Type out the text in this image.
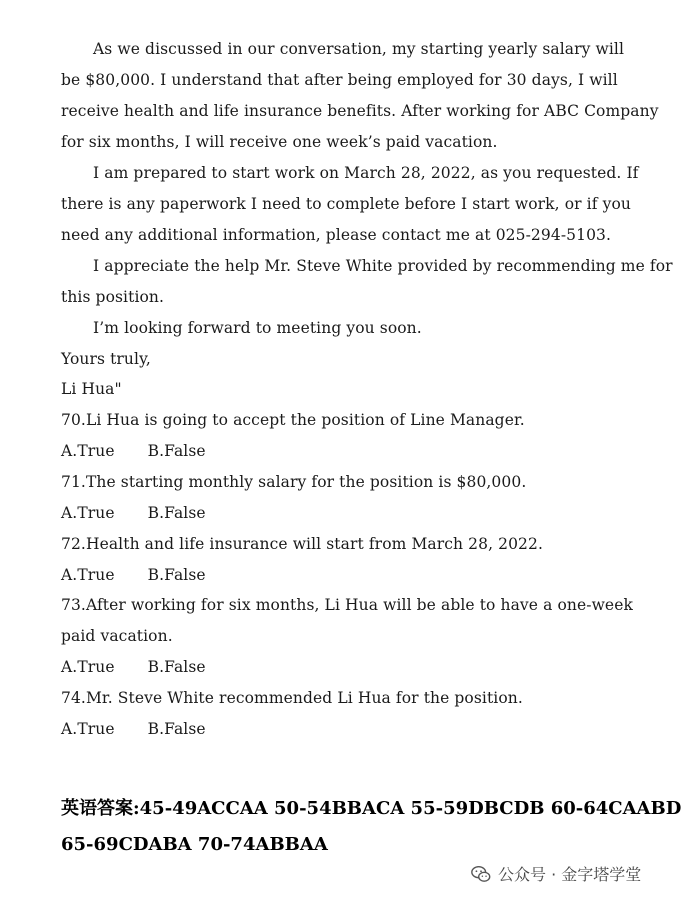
As we discussed in our conversation, my starting yearly salary will
be $80,000. I understand that after being employed for 30 days, I will
receive health and life insurance benefits. After working for ABC Company
for six months, I will receive one week’s paid vacation.
I am prepared to start work on March 28, 2022, as you requested. If
there is any paperwork I need to complete before I start work, or if you
need any additional information, please contact me at 025-294-5103.
I appreciate the help Mr. Steve White provided by recommending me for
this position.
I’m looking forward to meeting you soon.
Yours truly,
Li Hua"
70.Li Hua is going to accept the position of Line Manager.
A.True B.False
71.The starting monthly salary for the position is $80,000.
A.True B.False
72.Health and life insurance will start from March 28, 2022.
A.True B.False
73.After working for six months, Li Hua will be able to have a one-week
paid vacation.
A.True B.False
74.Mr. Steve White recommended Li Hua for the position.
A.True B.False
英语答案:45-49ACCAA 50-54BBACA 55-59DBCDB 60-64CAABD
65-69CDABA 70-74ABBAA
公众号 · 金字塔学堂
